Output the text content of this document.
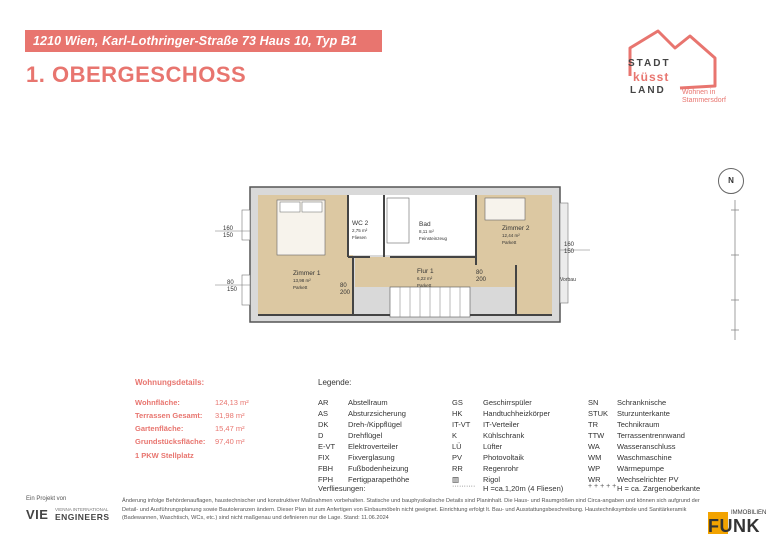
1210 Wien, Karl-Lothringer-Straße 73 Haus 10, Typ B1
1. OBERGESCHOSS	STADT
küsst
LAND Wohnen in
Stammersdorf
N
160
150
80
150
160
150
Vorbau
80
200
80
200
Zimmer 1
13,98 m²
Parkett
WC 2
2,75 m²
Fliesen
Bad
8,11 m²
Feinsteinzeug
Zimmer 2
12,44 m²
Parkett
Flur 1
6,22 m²
Parkett
Wohnungsdetails:
Wohnfläche:	124,13 m²
Terrassen Gesamt: 31,98 m²
Gartenfläche:	15,47 m²
Grundstücksfläche: 97,40 m²
1 PKW Stellplatz
Legende:
AR	Abstellraum
AS	Absturzsicherung
DK	Dreh-/Kippflügel
D	Drehflügel
E-VT Elektroverteiler
FIX Fixverglasung
FBH Fußbodenheizung
FPH Fertigparapethöhe
GS	Geschirrspüler
HK	Handtuchheizkörper
IT-VT IT-Verteiler
K	Kühlschrank
LÜ	Lüfter
PV	Photovoltaik
RR	Regenrohr
▥	Rigol
SN Schranknische
STUK Sturzunterkante
TR	Technikraum
TTW Terrassentrennwand
WA Wasseranschluss
WM Waschmaschine
WP Wärmepumpe
WR Wechselrichter PV
Verfliesungen:	·········· H =ca.1,20m (4 Fliesen)	+ + + + + H = ca. Zargenoberkante
Änderung infolge Behördenauflagen, haustechnischer und konstruktiver Maßnahmen vorbehalten. Statische und bauphysikalische Details sind Planinhalt. Die Haus- und Raumgrößen sind Circa-angaben und können sich aufgrund der Detail- und Ausführungsplanung sowie Bautoleranzen ändern. Dieser Plan ist zum Anfertigen von Einbaumöbeln nicht geeignet. Einrichtung erfolgt lt. Bau- und Ausstattungsbeschreibung. Haustechniksymbole und Sanitärkeramik (Badewannen, Waschtisch, WCs, etc.) sind nicht maßgenau und definieren nur die Lage. Stand: 11.06.2024
Ein Projekt von
VIE VIENNA INTERNATIONAL
ENGINEERS	IMMOBILIEN
FUNK
